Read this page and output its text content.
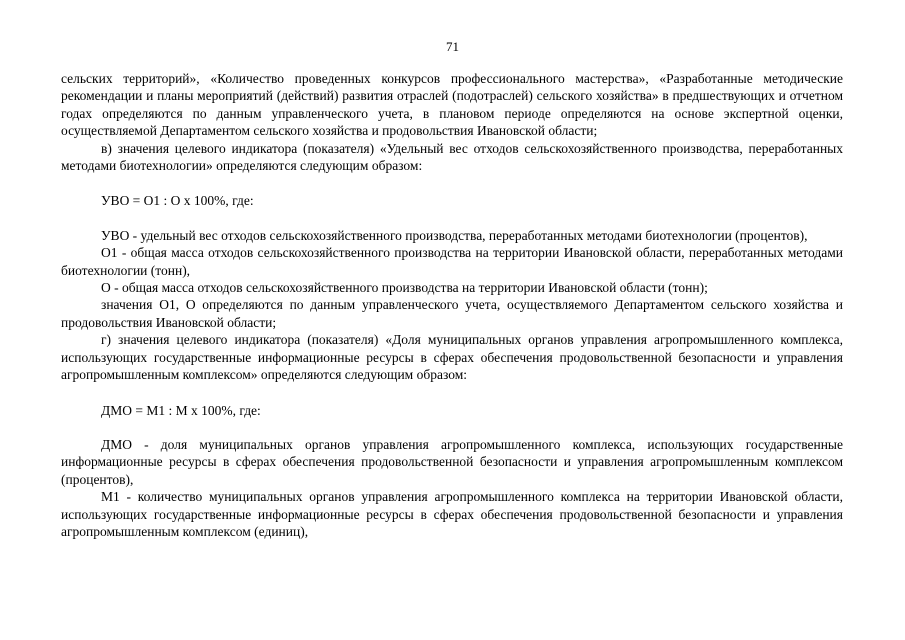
71

сельских территорий», «Количество проведенных конкурсов профессионального мастерства», «Разработанные методические рекомендации и планы мероприятий (действий) развития отраслей (подотраслей) сельского хозяйства» в предшествующих и отчетном годах определяются по данным управленческого учета, в плановом периоде определяются на основе экспертной оценки, осуществляемой Департаментом сельского хозяйства и продовольствия Ивановской области;

в) значения целевого индикатора (показателя) «Удельный вес отходов сельскохозяйственного производства, переработанных методами биотехнологии» определяются следующим образом:

УВО = О1 : О x 100%, где:

УВО - удельный вес отходов сельскохозяйственного производства, переработанных методами биотехнологии (процентов),

О1 - общая масса отходов сельскохозяйственного производства на территории Ивановской области, переработанных методами биотехнологии (тонн),

О - общая масса отходов сельскохозяйственного производства на территории Ивановской области (тонн);

значения О1, О определяются по данным управленческого учета, осуществляемого Департаментом сельского хозяйства и продовольствия Ивановской области;

г) значения целевого индикатора (показателя) «Доля муниципальных органов управления агропромышленного комплекса, использующих государственные информационные ресурсы в сферах обеспечения продовольственной безопасности и управления агропромышленным комплексом» определяются следующим образом:

ДМО = М1 : М x 100%, где:

ДМО - доля муниципальных органов управления агропромышленного комплекса, использующих государственные информационные ресурсы в сферах обеспечения продовольственной безопасности и управления агропромышленным комплексом (процентов),

М1 - количество муниципальных органов управления агропромышленного комплекса на территории Ивановской области, использующих государственные информационные ресурсы в сферах обеспечения продовольственной безопасности и управления агропромышленным комплексом (единиц),
